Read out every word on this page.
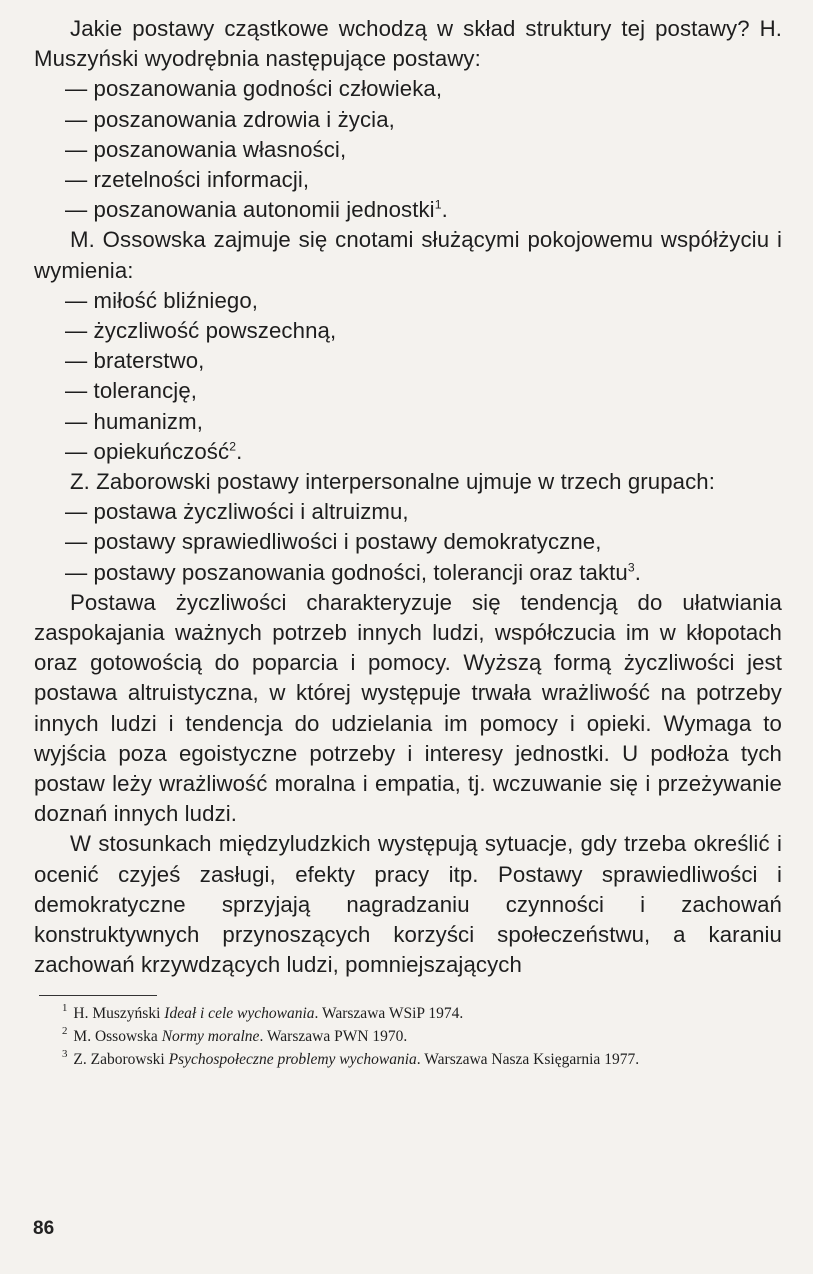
Jakie postawy cząstkowe wchodzą w skład struktury tej postawy? H. Muszyński wyodrębnia następujące postawy:

— poszanowania godności człowieka,

— poszanowania zdrowia i życia,

— poszanowania własności,

— rzetelności informacji,

— poszanowania autonomii jednostki$^1$.

M. Ossowska zajmuje się cnotami służącymi pokojowemu współżyciu i wymienia:

— miłość bliźniego,

— życzliwość powszechną,

— braterstwo,

— tolerancję,

— humanizm,

— opiekuńczość$^2$.

Z. Zaborowski postawy interpersonalne ujmuje w trzech grupach:

— postawa życzliwości i altruizmu,

— postawy sprawiedliwości i postawy demokratyczne,

— postawy poszanowania godności, tolerancji oraz taktu$^3$.

Postawa życzliwości charakteryzuje się tendencją do ułatwiania zaspokajania ważnych potrzeb innych ludzi, współczucia im w kłopotach oraz gotowością do poparcia i pomocy. Wyższą formą życzliwości jest postawa altruistyczna, w której występuje trwała wrażliwość na potrzeby innych ludzi i tendencja do udzielania im pomocy i opieki. Wymaga to wyjścia poza egoistyczne potrzeby i interesy jednostki. U podłoża tych postaw leży wrażliwość moralna i empatia, tj. wczuwanie się i przeżywanie doznań innych ludzi.

W stosunkach międzyludzkich występują sytuacje, gdy trzeba określić i ocenić czyjeś zasługi, efekty pracy itp. Postawy sprawiedliwości i demokratyczne sprzyjają nagradzaniu czynności i zachowań konstruktywnych przynoszących korzyści społeczeństwu, a karaniu zachowań krzywdzących ludzi, pomniejszających

$^1$ H. Muszyński Ideał i cele wychowania. Warszawa WSiP 1974.

$^2$ M. Ossowska Normy moralne. Warszawa PWN 1970.

$^3$ Z. Zaborowski Psychospołeczne problemy wychowania. Warszawa Nasza Księgarnia 1977.

86
